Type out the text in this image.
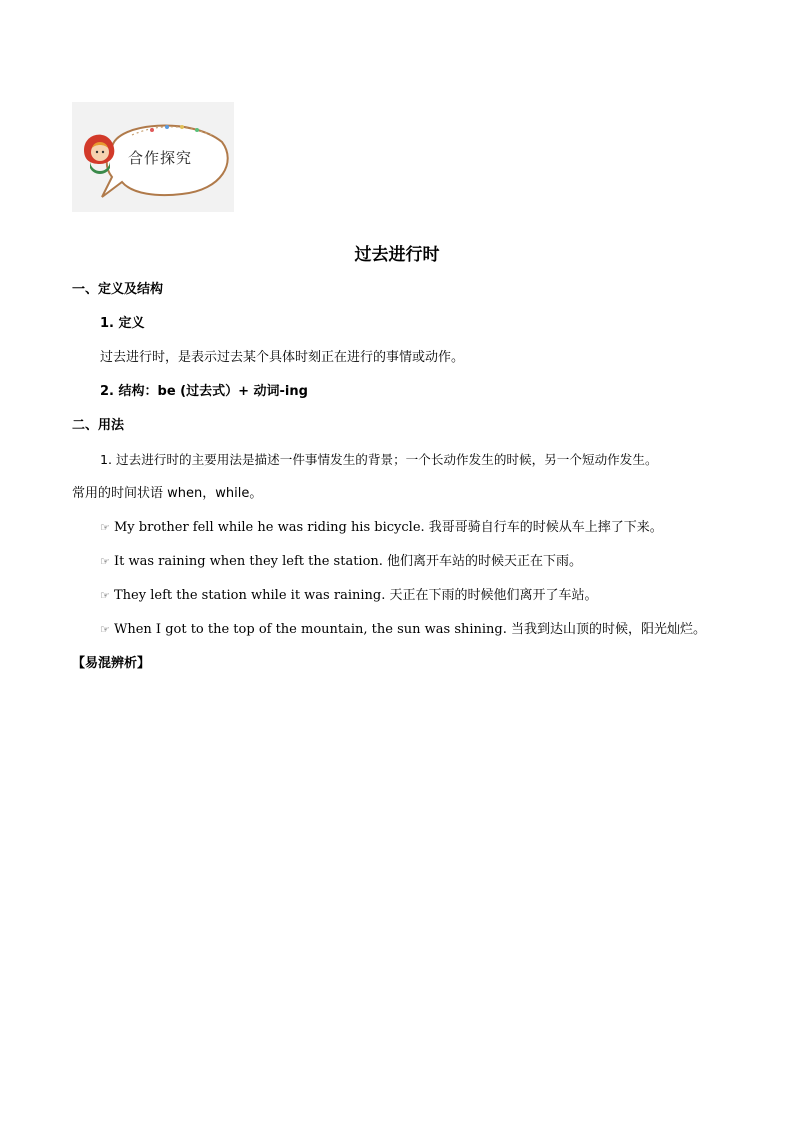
合作探究
过去进行时
一、定义及结构
1. 定义
过去进行时，是表示过去某个具体时刻正在进行的事情或动作。
2. 结构：be (过去式）+ 动词-ing
二、用法
1. 过去进行时的主要用法是描述一件事情发生的背景；一个长动作发生的时候，另一个短动作发生。
常用的时间状语 when，while。
☞ My brother fell while he was riding his bicycle. 我哥哥骑自行车的时候从车上摔了下来。
☞ It was raining when they left the station. 他们离开车站的时候天正在下雨。
☞ They left the station while it was raining. 天正在下雨的时候他们离开了车站。
☞ When I got to the top of the mountain, the sun was shining. 当我到达山顶的时候，阳光灿烂。
【易混辨析】
